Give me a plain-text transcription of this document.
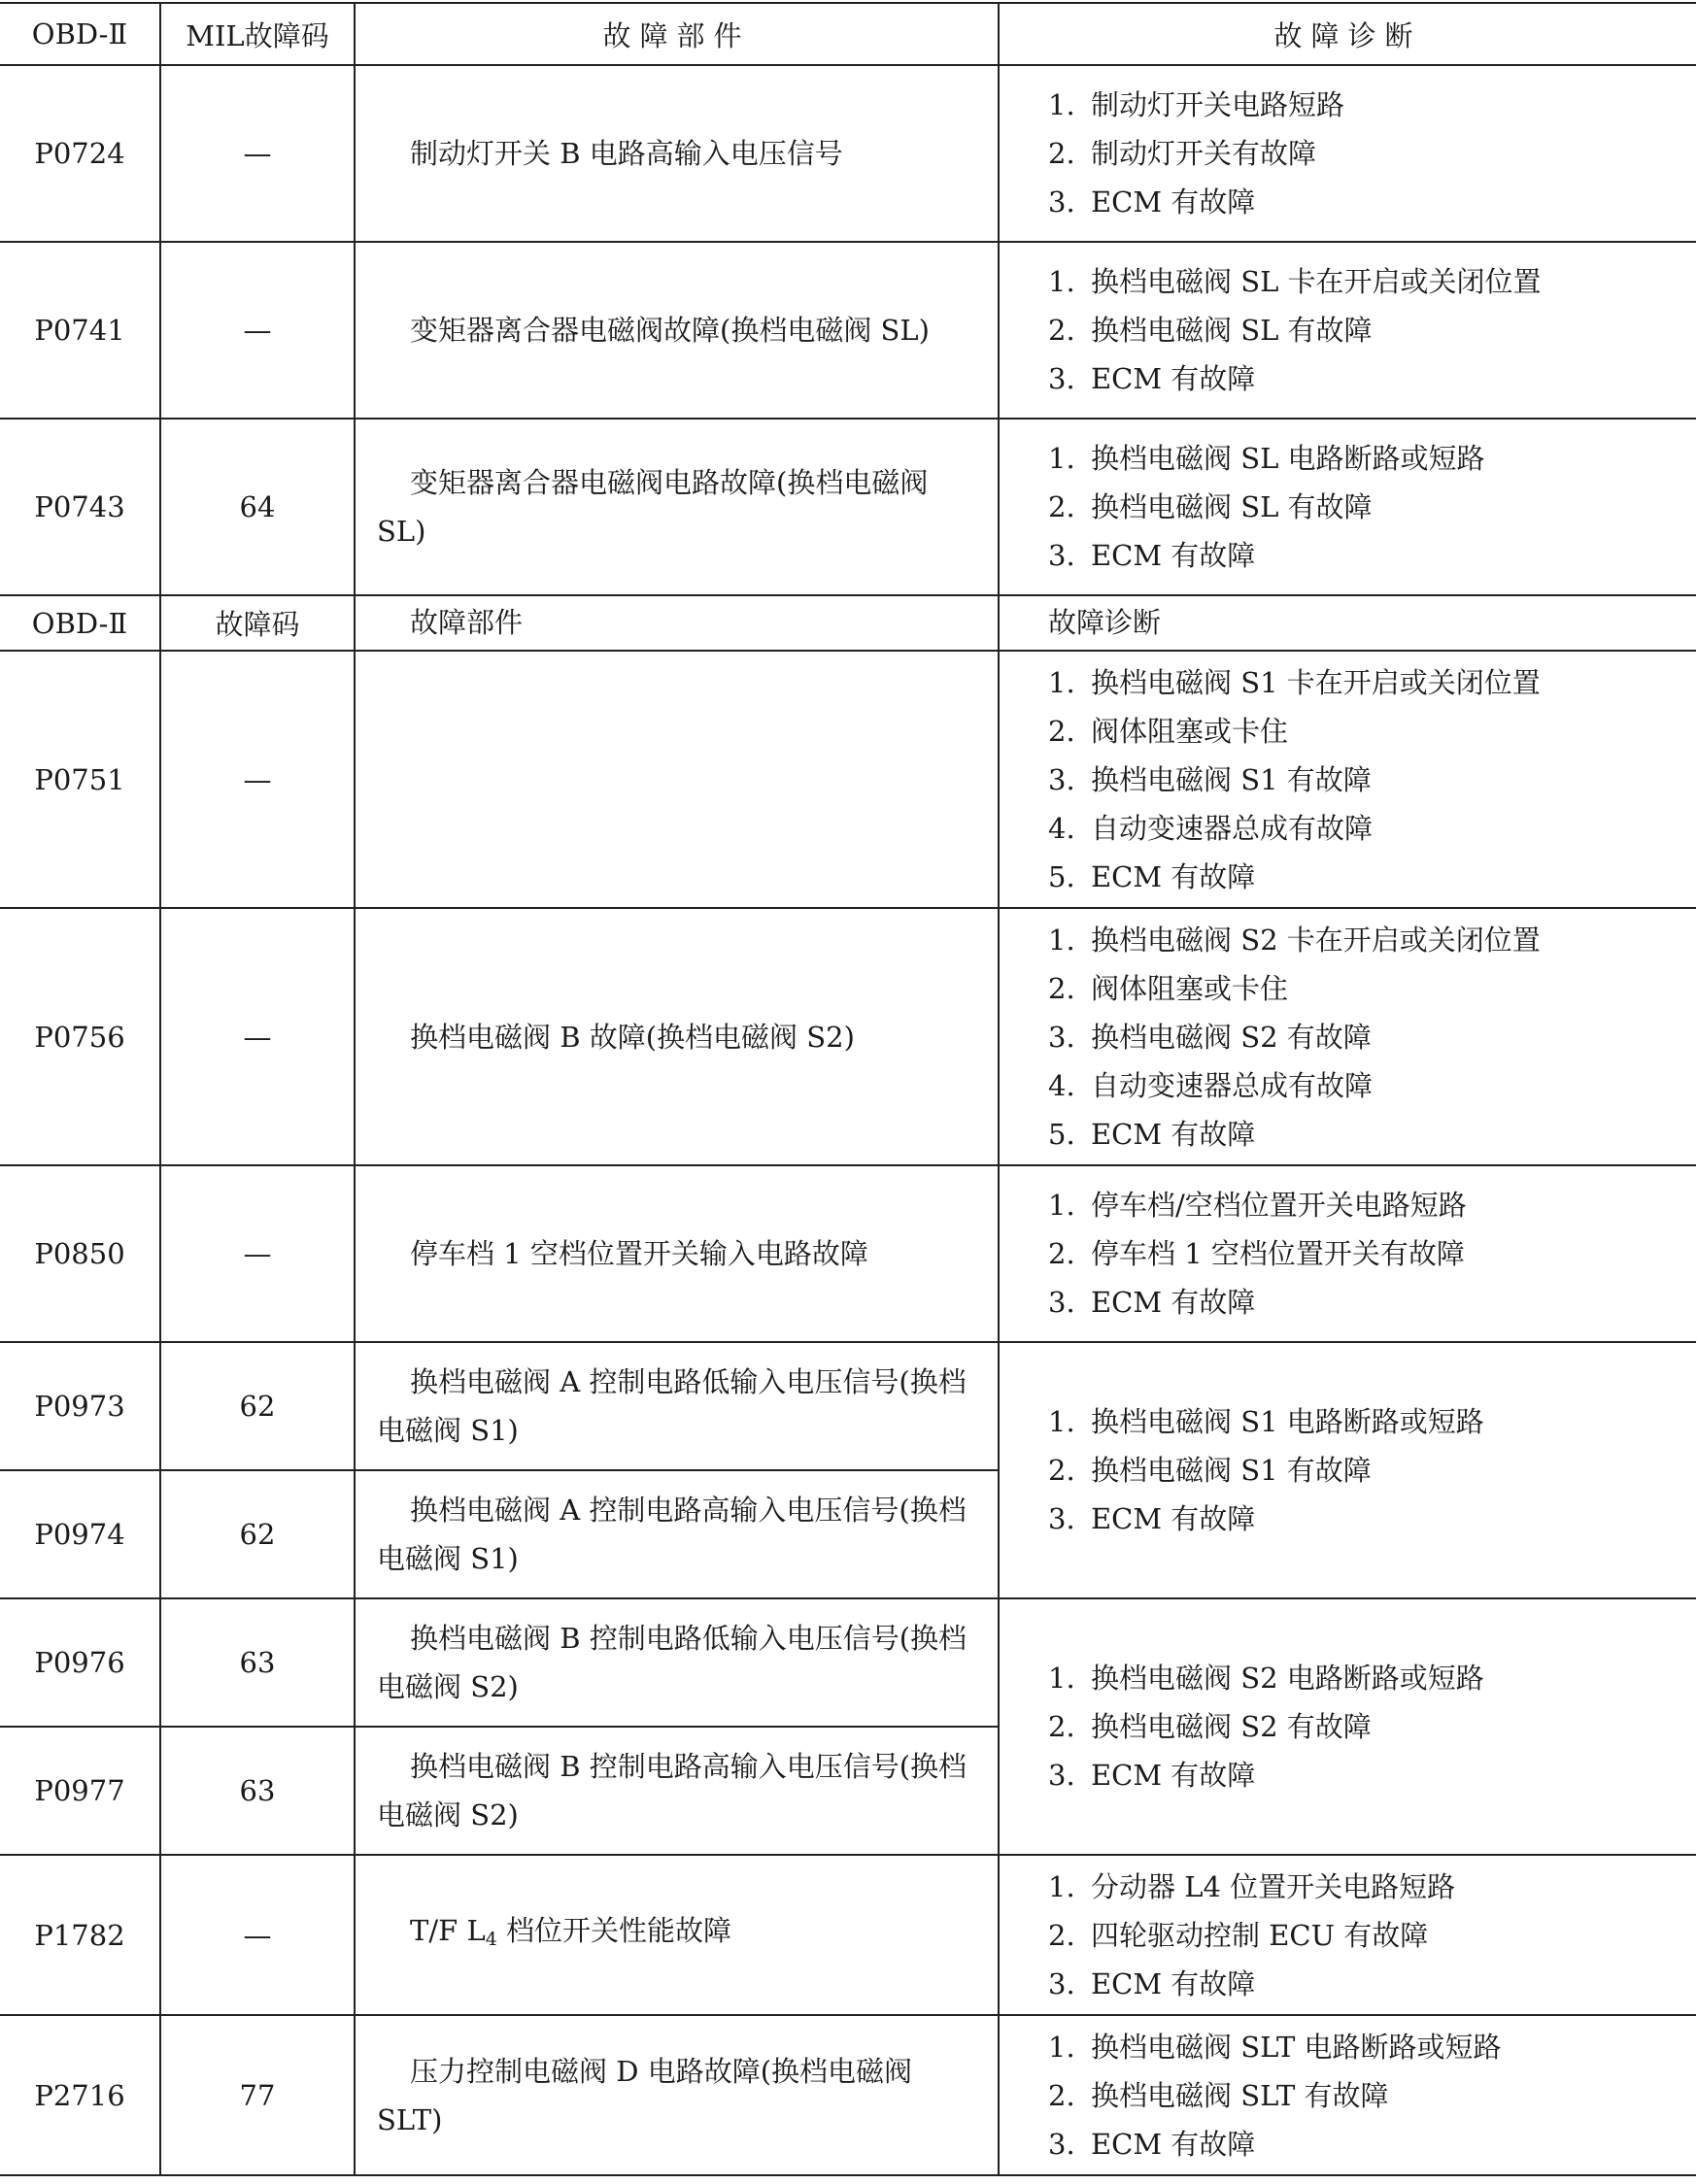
OBD-Ⅱ	MIL故障码	故障部件	故障诊断
P0724	—	制动灯开关 B 电路高输入电压信号	1. 制动灯开关电路短路
2. 制动灯开关有故障
3. ECM 有故障

P0741	—	变矩器离合器电磁阀故障(换档电磁阀 SL)	1. 换档电磁阀 SL 卡在开启或关闭位置
2. 换档电磁阀 SL 有故障
3. ECM 有故障

P0743	64	变矩器离合器电磁阀电路故障(换档电磁阀 SL)	1. 换档电磁阀 SL 电路断路或短路
2. 换档电磁阀 SL 有故障
3. ECM 有故障

OBD-Ⅱ	故障码	故障部件	故障诊断
P0751	—		1. 换档电磁阀 S1 卡在开启或关闭位置
2. 阀体阻塞或卡住
3. 换档电磁阀 S1 有故障
4. 自动变速器总成有故障
5. ECM 有故障

P0756	—	换档电磁阀 B 故障(换档电磁阀 S2)	1. 换档电磁阀 S2 卡在开启或关闭位置
2. 阀体阻塞或卡住
3. 换档电磁阀 S2 有故障
4. 自动变速器总成有故障
5. ECM 有故障

P0850	—	停车档 1 空档位置开关输入电路故障	1. 停车档/空档位置开关电路短路
2. 停车档 1 空档位置开关有故障
3. ECM 有故障

P0973	62	换档电磁阀 A 控制电路低输入电压信号(换档电磁阀 S1)	1. 换档电磁阀 S1 电路断路或短路
2. 换档电磁阀 S1 有故障
3. ECM 有故障

P0974	62	换档电磁阀 A 控制电路高输入电压信号(换档电磁阀 S1)	
P0976	63	换档电磁阀 B 控制电路低输入电压信号(换档电磁阀 S2)	1. 换档电磁阀 S2 电路断路或短路
2. 换档电磁阀 S2 有故障
3. ECM 有故障

P0977	63	换档电磁阀 B 控制电路高输入电压信号(换档电磁阀 S2)	
P1782	—	T/F $L_4$ 档位开关性能故障	1. 分动器 L4 位置开关电路短路
2. 四轮驱动控制 ECU 有故障
3. ECM 有故障

P2716	77	压力控制电磁阀 D 电路故障(换档电磁阀 SLT)	1. 换档电磁阀 SLT 电路断路或短路
2. 换档电磁阀 SLT 有故障
3. ECM 有故障
